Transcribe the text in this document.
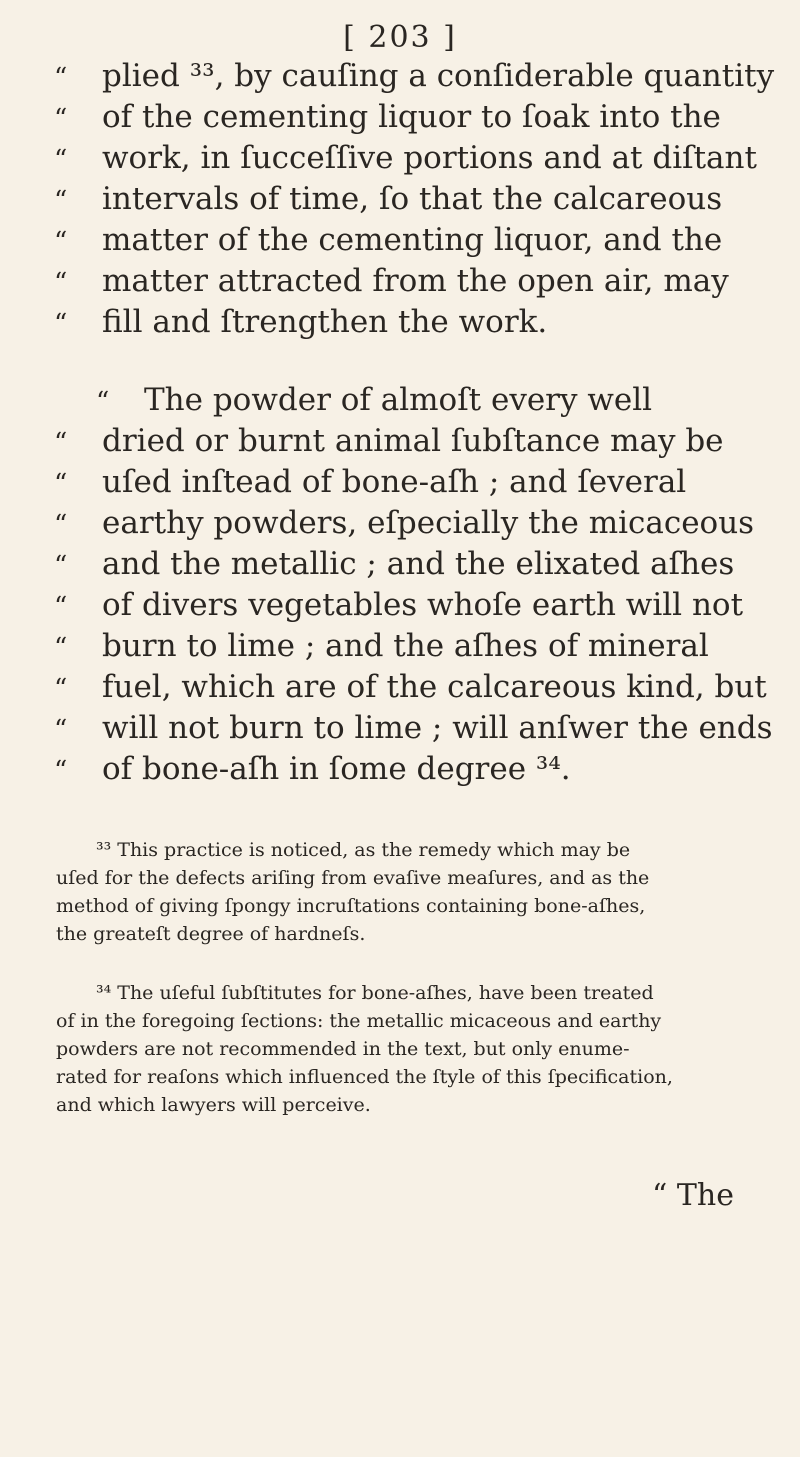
[ 203 ]
“ plied ³³, by cauſing a conſiderable quantity
“ of the cementing liquor to ſoak into the
“ work, in ſucceſſive portions and at diſtant
“ intervals of time, ſo that the calcareous
“ matter of the cementing liquor, and the
“ matter attracted from the open air, may
“ fill and ſtrengthen the work.
“ The powder of almoſt every well
“ dried or burnt animal ſubſtance may be
“ uſed inſtead of bone-aſh ; and ſeveral
“ earthy powders, eſpecially the micaceous
“ and the metallic ; and the elixated aſhes
“ of divers vegetables whoſe earth will not
“ burn to lime ; and the aſhes of mineral
“ fuel, which are of the calcareous kind, but
“ will not burn to lime ; will anſwer the ends
“ of bone-aſh in ſome degree ³⁴.
³³ This practice is noticed, as the remedy which may be
uſed for the defects ariſing from evaſive meaſures, and as the
method of giving ſpongy incruſtations containing bone-aſhes,
the greateſt degree of hardneſs.
³⁴ The uſeful ſubſtitutes for bone-aſhes, have been treated
of in the foregoing ſections: the metallic micaceous and earthy
powders are not recommended in the text, but only enume-
rated for reaſons which influenced the ſtyle of this ſpecification,
and which lawyers will perceive.
“ The
